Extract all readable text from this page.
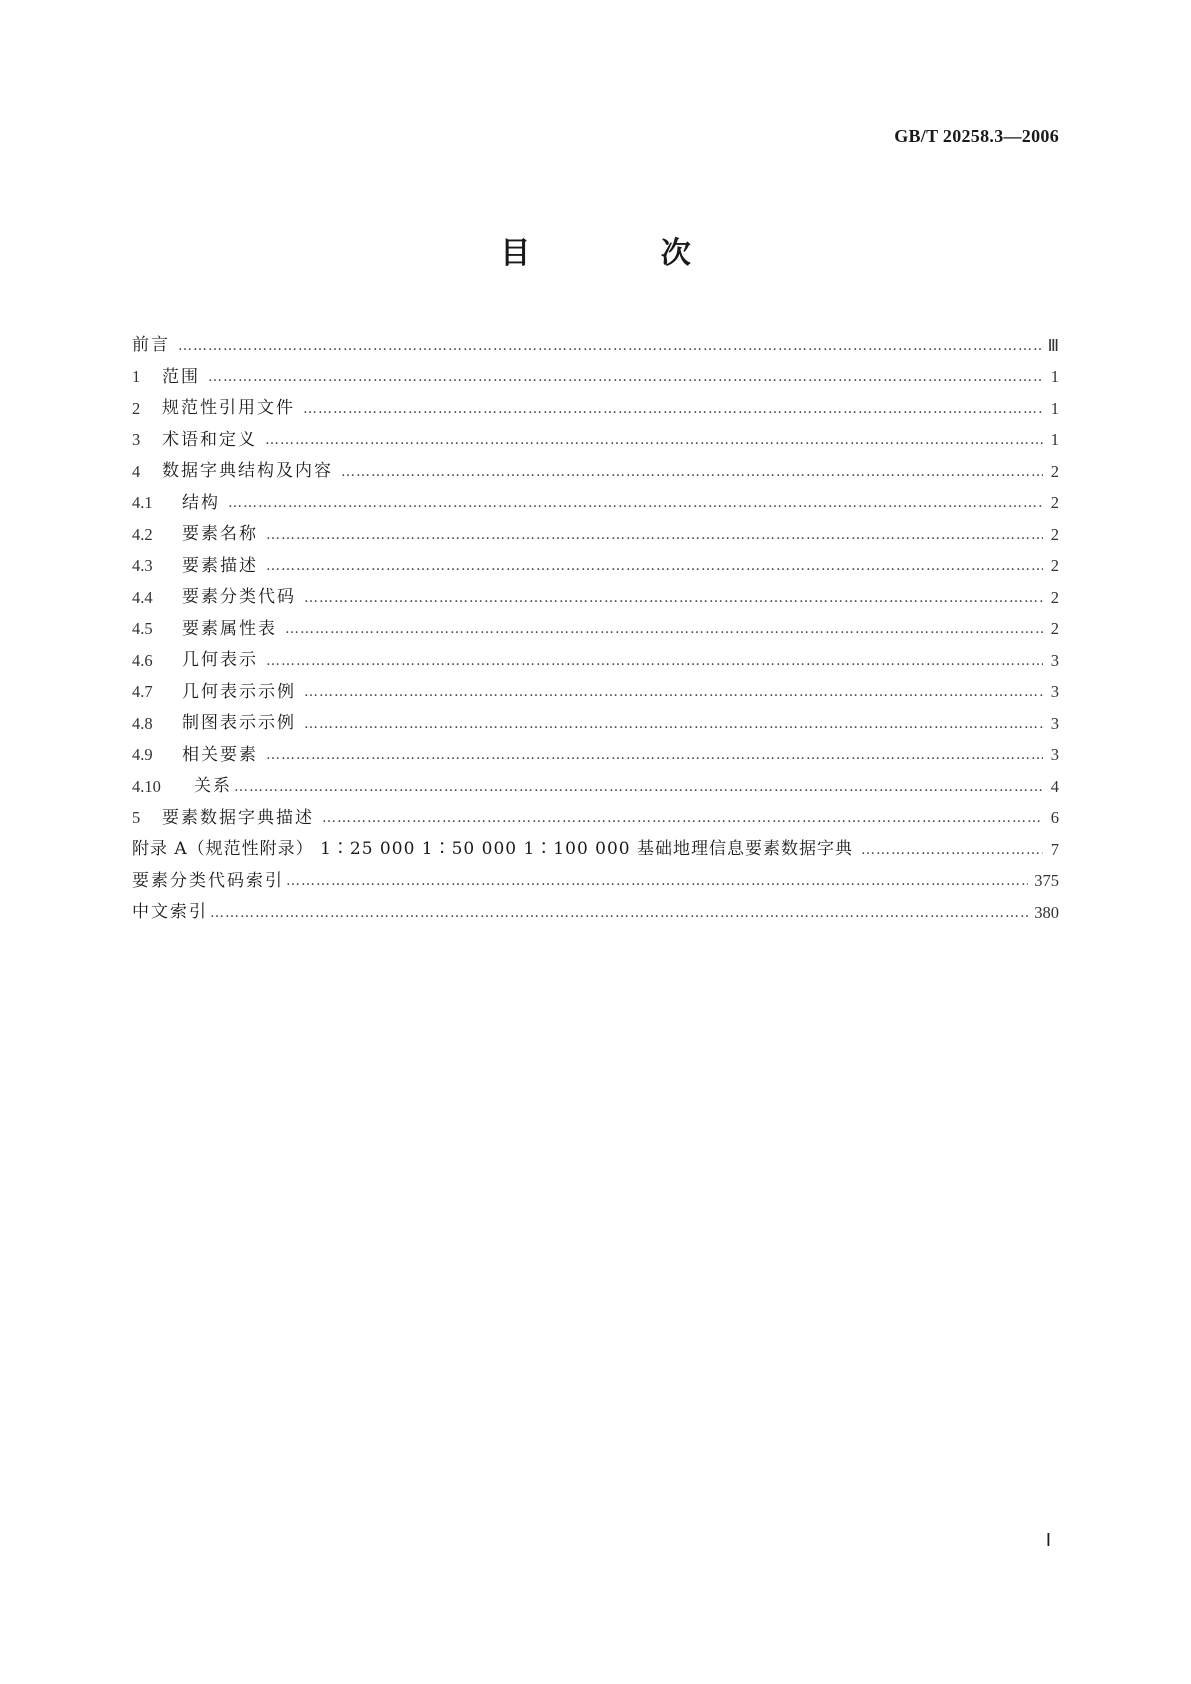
GB/T 20258.3—2006
目 次
前言 ………………………………………………………………………………………………………………………………………………………………………………………………	Ⅲ
1	范围 ………………………………………………………………………………………………………………………………………………………………………………………………	1
2	规范性引用文件 ………………………………………………………………………………………………………………………………………………………………………………………………	1
3	术语和定义 ………………………………………………………………………………………………………………………………………………………………………………………………	1
4	数据字典结构及内容 ………………………………………………………………………………………………………………………………………………………………………………………………	2
4.1	结构 ………………………………………………………………………………………………………………………………………………………………………………………………	2
4.2	要素名称 ………………………………………………………………………………………………………………………………………………………………………………………………	2
4.3	要素描述 ………………………………………………………………………………………………………………………………………………………………………………………………	2
4.4	要素分类代码 ………………………………………………………………………………………………………………………………………………………………………………………………	2
4.5	要素属性表 ………………………………………………………………………………………………………………………………………………………………………………………………	2
4.6	几何表示 ………………………………………………………………………………………………………………………………………………………………………………………………	3
4.7	几何表示示例 ………………………………………………………………………………………………………………………………………………………………………………………………	3
4.8	制图表示示例 ………………………………………………………………………………………………………………………………………………………………………………………………	3
4.9	相关要素 ………………………………………………………………………………………………………………………………………………………………………………………………	3
4.10	关系 ………………………………………………………………………………………………………………………………………………………………………………………………	4
5	要素数据字典描述 ………………………………………………………………………………………………………………………………………………………………………………………………	6
附录 A（规范性附录） 1∶25 000 1∶50 000 1∶100 000 基础地理信息要素数据字典 ………………………………………………………………………………………………………………………………………………………………………………………………	7
要素分类代码索引 ………………………………………………………………………………………………………………………………………………………………………………………………	375
中文索引 ………………………………………………………………………………………………………………………………………………………………………………………………	380
Ⅰ
